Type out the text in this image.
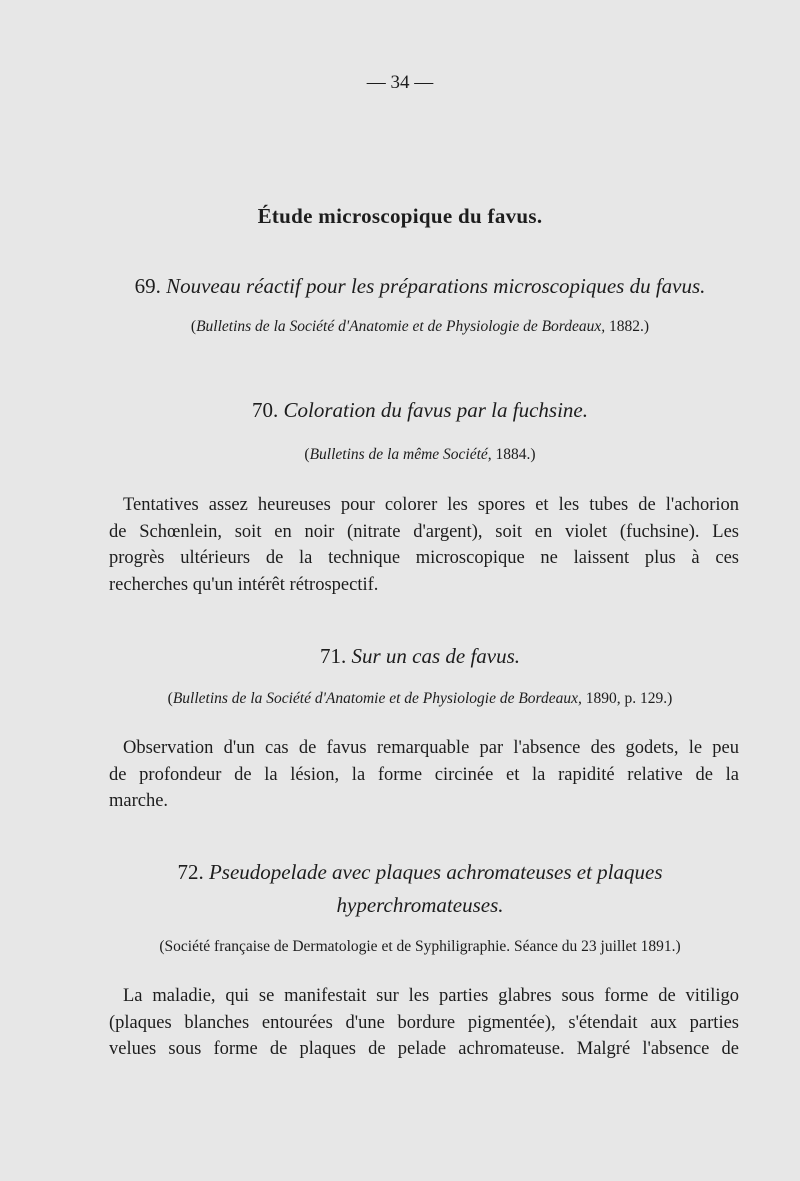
— 34 —
Étude microscopique du favus.
69. Nouveau réactif pour les préparations microscopiques du favus.
(Bulletins de la Société d'Anatomie et de Physiologie de Bordeaux, 1882.)
70. Coloration du favus par la fuchsine.
(Bulletins de la même Société, 1884.)
Tentatives assez heureuses pour colorer les spores et les tubes de l'achorion
de Schœnlein, soit en noir (nitrate d'argent), soit en violet (fuchsine). Les
progrès ultérieurs de la technique microscopique ne laissent plus à ces
recherches qu'un intérêt rétrospectif.
71. Sur un cas de favus.
(Bulletins de la Société d'Anatomie et de Physiologie de Bordeaux, 1890, p. 129.)
Observation d'un cas de favus remarquable par l'absence des godets, le peu
de profondeur de la lésion, la forme circinée et la rapidité relative de la
marche.
72. Pseudopelade avec plaques achromateuses et plaques
hyperchromateuses.
(Société française de Dermatologie et de Syphiligraphie. Séance du 23 juillet 1891.)
La maladie, qui se manifestait sur les parties glabres sous forme de vitiligo
(plaques blanches entourées d'une bordure pigmentée), s'étendait aux parties
velues sous forme de plaques de pelade achromateuse. Malgré l'absence de
